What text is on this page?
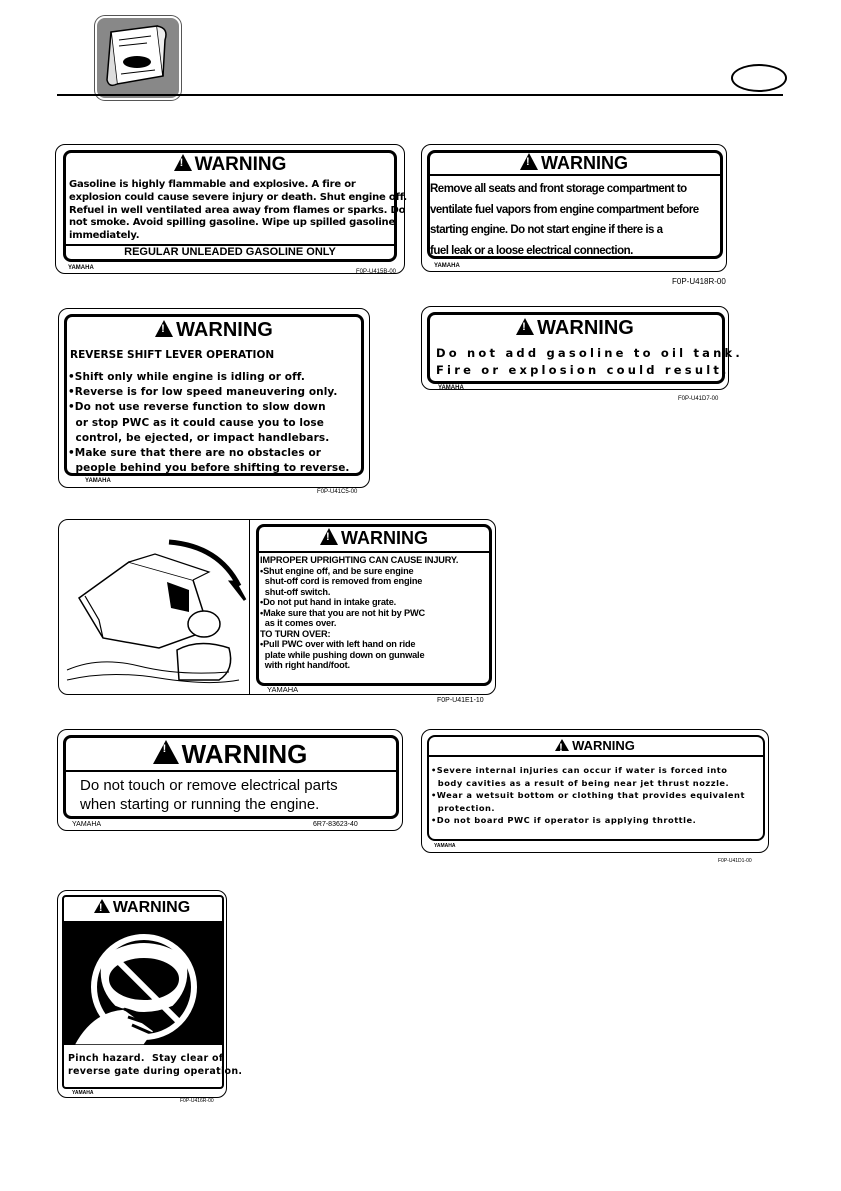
!WARNING
Gasoline is highly flammable and explosive. A fire or
explosion could cause severe injury or death. Shut engine off.
Refuel in well ventilated area away from flames or sparks. Do
not smoke. Avoid spilling gasoline. Wipe up spilled gasoline
immediately.
REGULAR UNLEADED GASOLINE ONLY
YAMAHA
F0P-U415B-00
!WARNING
Remove all seats and front storage compartment to
ventilate fuel vapors from engine compartment before
starting engine. Do not start engine if there is a
fuel leak or a loose electrical connection.
YAMAHA
F0P-U418R-00
!WARNING
REVERSE SHIFT LEVER OPERATION
•Shift only while engine is idling or off.
•Reverse is for low speed maneuvering only.
•Do not use reverse function to slow down
or stop PWC as it could cause you to lose
control, be ejected, or impact handlebars.
•Make sure that there are no obstacles or
people behind you before shifting to reverse.
YAMAHA
F0P-U41C5-00
!WARNING
Do not add gasoline to oil tank.
Fire or explosion could result.
YAMAHA
F0P-U41D7-00
!WARNING
IMPROPER UPRIGHTING CAN CAUSE INJURY.
•Shut engine off, and be sure engine
shut-off cord is removed from engine
shut-off switch.
•Do not put hand in intake grate.
•Make sure that you are not hit by PWC
as it comes over.
TO TURN OVER:
•Pull PWC over with left hand on ride
plate while pushing down on gunwale
with right hand/foot.
YAMAHA
F0P-U41E1-10
!WARNING
Do not touch or remove electrical parts
when starting or running the engine.
YAMAHA	6R7-83623-40
!WARNING
•Severe internal injuries can occur if water is forced into
body cavities as a result of being near jet thrust nozzle.
•Wear a wetsuit bottom or clothing that provides equivalent
protection.
•Do not board PWC if operator is applying throttle.
YAMAHA
F0P-U41D1-00
!WARNING
Pinch hazard.  Stay clear of
reverse gate during operation.
YAMAHA
F0P-U416R-00
